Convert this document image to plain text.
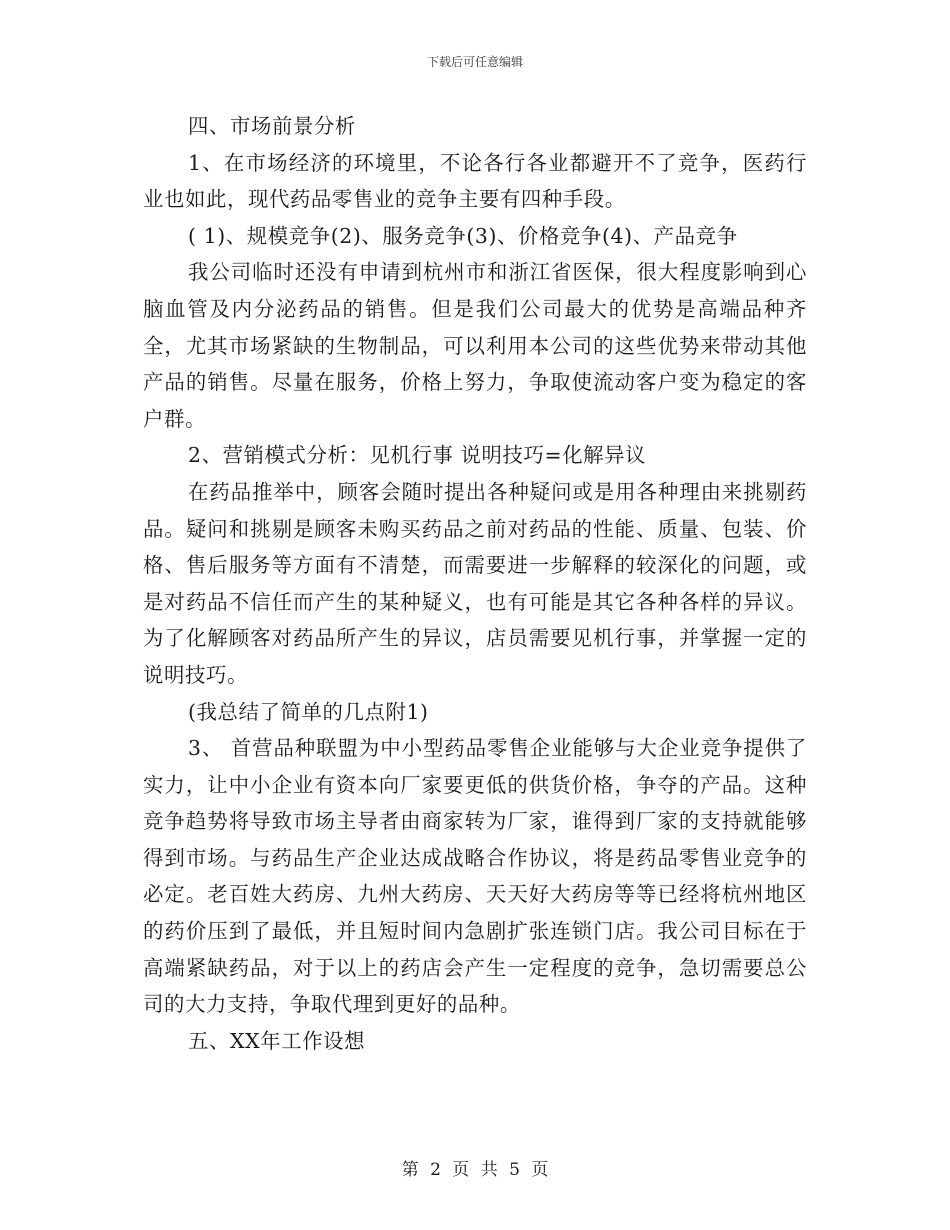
下载后可任意编辑

四、市场前景分析

1、在市场经济的环境里，不论各行各业都避开不了竞争，医药行业也如此，现代药品零售业的竞争主要有四种手段。

( 1)、规模竞争(2)、服务竞争(3)、价格竞争(4)、产品竞争

我公司临时还没有申请到杭州市和浙江省医保，很大程度影响到心脑血管及内分泌药品的销售。但是我们公司最大的优势是高端品种齐全，尤其市场紧缺的生物制品，可以利用本公司的这些优势来带动其他产品的销售。尽量在服务，价格上努力，争取使流动客户变为稳定的客户群。

2、营销模式分析：见机行事 说明技巧=化解异议

在药品推举中，顾客会随时提出各种疑问或是用各种理由来挑剔药品。疑问和挑剔是顾客未购买药品之前对药品的性能、质量、包装、价格、售后服务等方面有不清楚，而需要进一步解释的较深化的问题，或是对药品不信任而产生的某种疑义，也有可能是其它各种各样的异议。为了化解顾客对药品所产生的异议，店员需要见机行事，并掌握一定的说明技巧。

(我总结了简单的几点附1)

3、 首营品种联盟为中小型药品零售企业能够与大企业竞争提供了实力，让中小企业有资本向厂家要更低的供货价格，争夺的产品。这种竞争趋势将导致市场主导者由商家转为厂家，谁得到厂家的支持就能够得到市场。与药品生产企业达成战略合作协议，将是药品零售业竞争的必定。老百姓大药房、九州大药房、天天好大药房等等已经将杭州地区的药价压到了最低，并且短时间内急剧扩张连锁门店。我公司目标在于高端紧缺药品，对于以上的药店会产生一定程度的竞争，急切需要总公司的大力支持，争取代理到更好的品种。

五、XX年工作设想

第 2 页 共 5 页
